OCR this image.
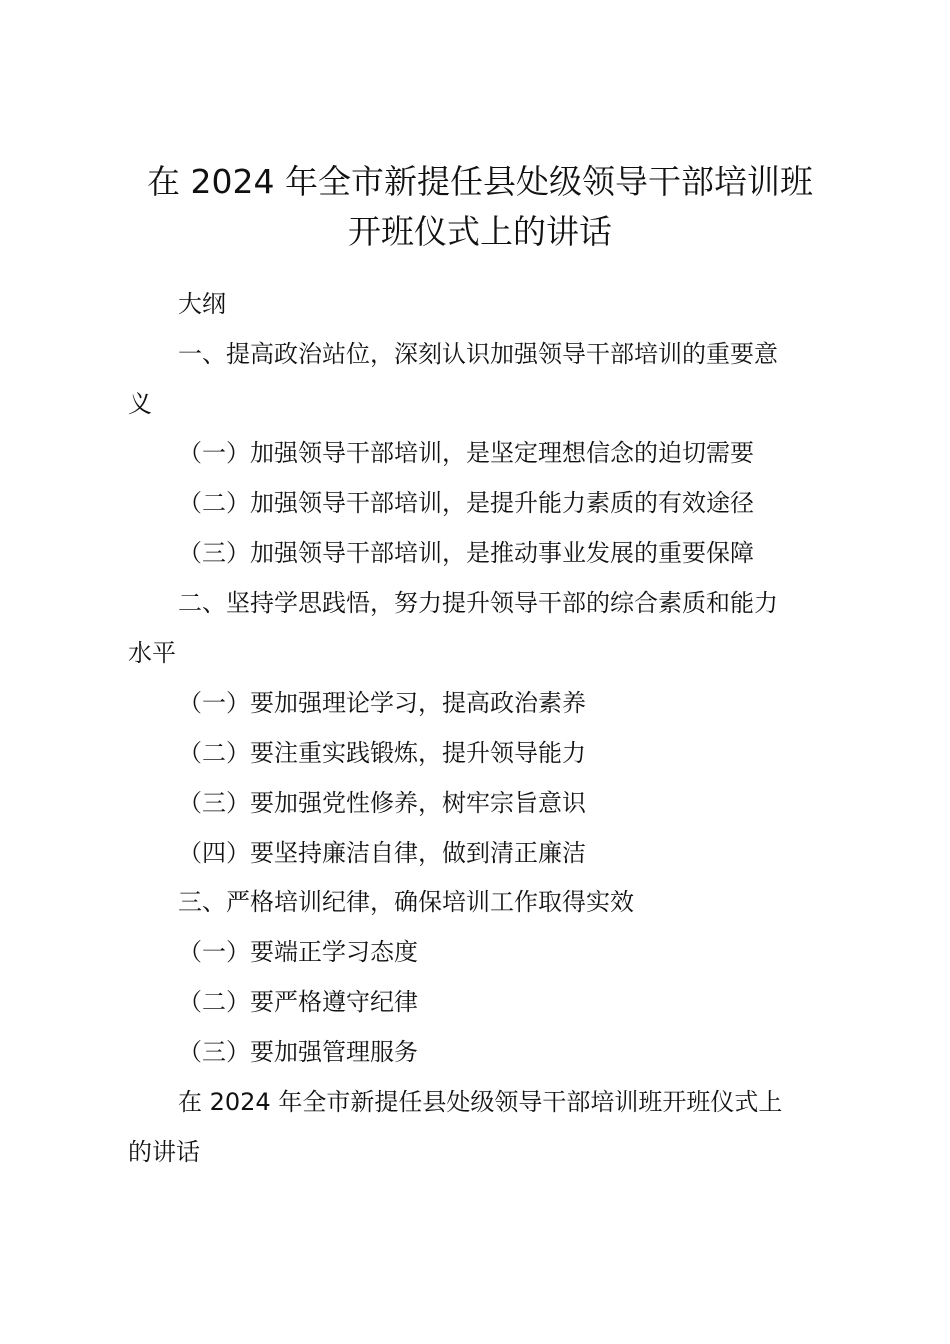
在 2024 年全市新提任县处级领导干部培训班
开班仪式上的讲话

大纲

一、提高政治站位，深刻认识加强领导干部培训的重要意

义

（一）加强领导干部培训，是坚定理想信念的迫切需要

（二）加强领导干部培训，是提升能力素质的有效途径

（三）加强领导干部培训，是推动事业发展的重要保障

二、坚持学思践悟，努力提升领导干部的综合素质和能力

水平

（一）要加强理论学习，提高政治素养

（二）要注重实践锻炼，提升领导能力

（三）要加强党性修养，树牢宗旨意识

（四）要坚持廉洁自律，做到清正廉洁

三、严格培训纪律，确保培训工作取得实效

（一）要端正学习态度

（二）要严格遵守纪律

（三）要加强管理服务

在 2024 年全市新提任县处级领导干部培训班开班仪式上

的讲话
